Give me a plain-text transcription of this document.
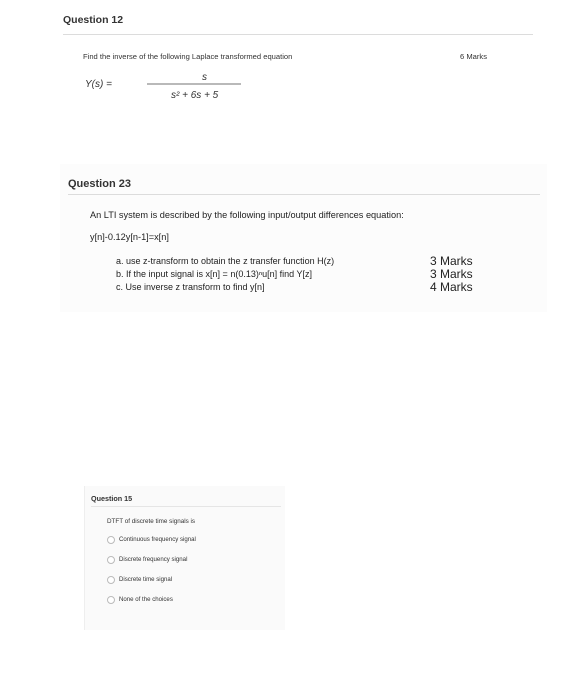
Question 12
Find the inverse of the following Laplace transformed equation	6 Marks
Y(s) =
s
s² + 6s + 5
Question 23
An LTI system is described by the following input/output differences equation:
y[n]-0.12y[n-1]=x[n]
a. use z-transform to obtain the z transfer function H(z)	3 Marks
b. If the input signal is x[n] = n(0.13)ⁿu[n] find Y[z]	3 Marks
c. Use inverse z transform to find y[n]	4 Marks
Question 15
DTFT of discrete time signals is
Continuous frequency signal
Discrete frequency signal
Discrete time signal
None of the choices
